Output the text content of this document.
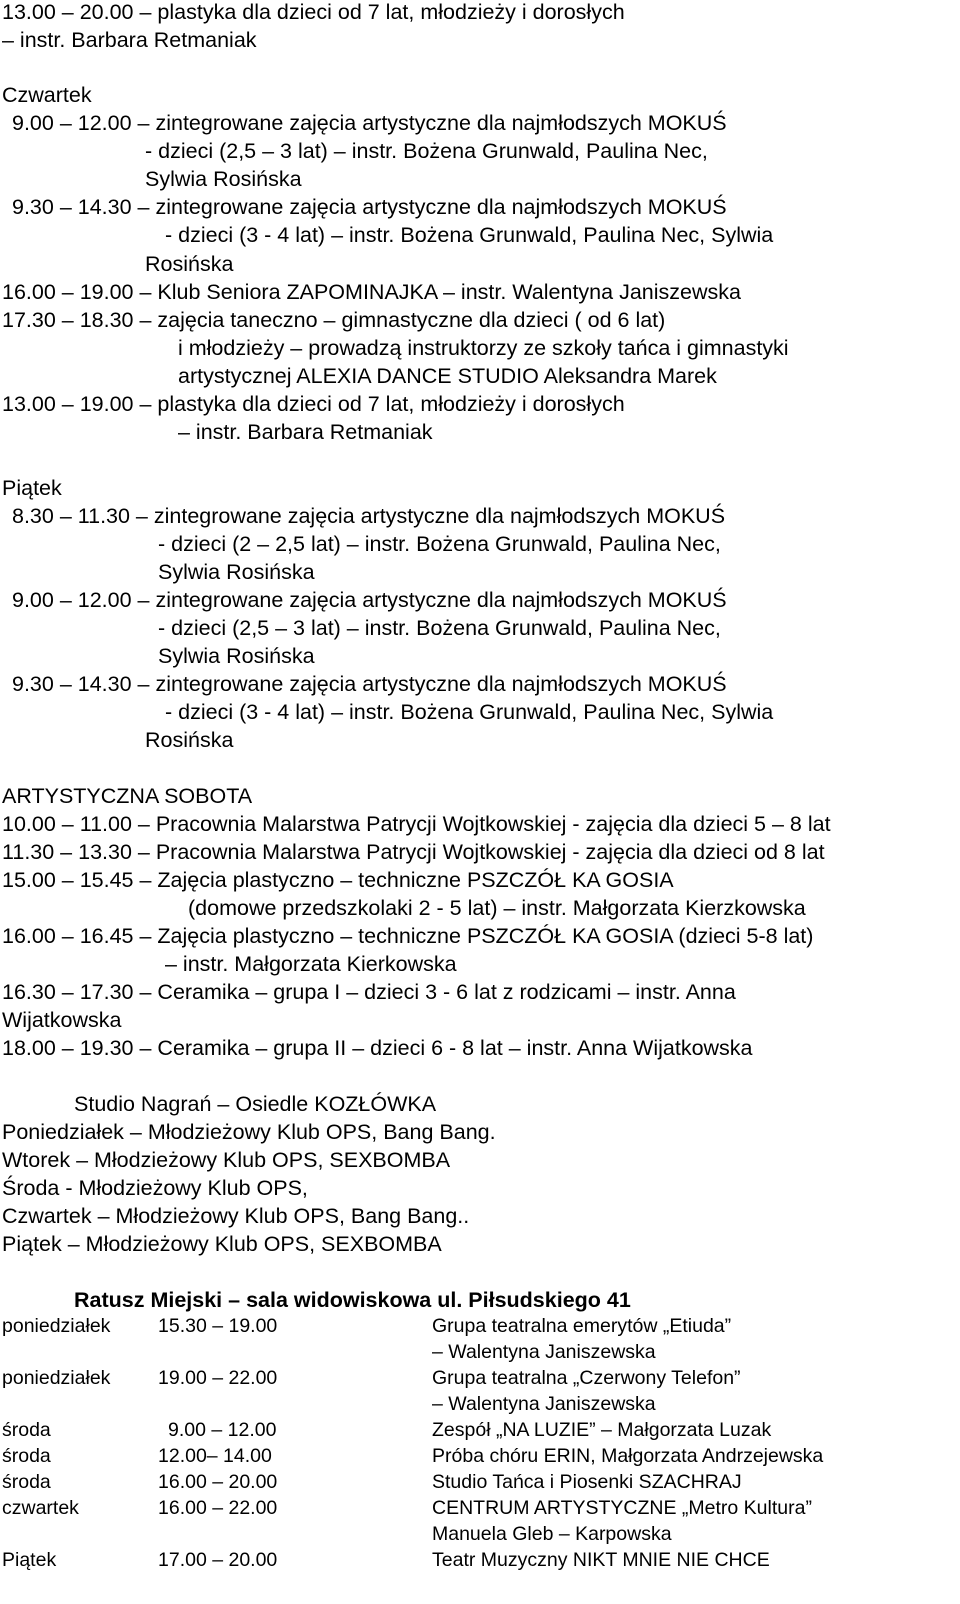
13.00 – 20.00 – plastyka dla dzieci od 7 lat, młodzieży i dorosłych
– instr. Barbara Retmaniak
Czwartek
9.00 – 12.00 – zintegrowane zajęcia artystyczne dla najmłodszych MOKUŚ
- dzieci (2,5 – 3 lat) – instr. Bożena Grunwald, Paulina Nec,
Sylwia Rosińska
9.30 – 14.30 – zintegrowane zajęcia artystyczne dla najmłodszych MOKUŚ
- dzieci (3 - 4 lat) – instr. Bożena Grunwald, Paulina Nec, Sylwia
Rosińska
16.00 – 19.00 – Klub Seniora ZAPOMINAJKA – instr. Walentyna Janiszewska
17.30 – 18.30 – zajęcia taneczno – gimnastyczne dla dzieci ( od 6 lat)
i młodzieży – prowadzą instruktorzy ze szkoły tańca i gimnastyki
artystycznej ALEXIA DANCE STUDIO Aleksandra Marek
13.00 – 19.00 – plastyka dla dzieci od 7 lat, młodzieży i dorosłych
– instr. Barbara Retmaniak
Piątek
8.30 – 11.30 – zintegrowane zajęcia artystyczne dla najmłodszych MOKUŚ
- dzieci (2 – 2,5 lat) – instr. Bożena Grunwald, Paulina Nec,
Sylwia Rosińska
9.00 – 12.00 – zintegrowane zajęcia artystyczne dla najmłodszych MOKUŚ
- dzieci (2,5 – 3 lat) – instr. Bożena Grunwald, Paulina Nec,
Sylwia Rosińska
9.30 – 14.30 – zintegrowane zajęcia artystyczne dla najmłodszych MOKUŚ
- dzieci (3 - 4 lat) – instr. Bożena Grunwald, Paulina Nec, Sylwia
Rosińska
ARTYSTYCZNA SOBOTA
10.00 – 11.00 – Pracownia Malarstwa Patrycji Wojtkowskiej - zajęcia dla dzieci 5 – 8 lat
11.30 – 13.30 – Pracownia Malarstwa Patrycji Wojtkowskiej - zajęcia dla dzieci od 8 lat
15.00 – 15.45 – Zajęcia plastyczno – techniczne PSZCZÓŁ KA GOSIA
(domowe przedszkolaki 2 - 5 lat) – instr. Małgorzata Kierzkowska
16.00 – 16.45 – Zajęcia plastyczno – techniczne PSZCZÓŁ KA GOSIA (dzieci 5-8 lat)
– instr. Małgorzata Kierkowska
16.30 – 17.30 – Ceramika – grupa I – dzieci 3 - 6 lat z rodzicami – instr. Anna
Wijatkowska
18.00 – 19.30 – Ceramika – grupa II – dzieci 6 - 8 lat – instr. Anna Wijatkowska
Studio Nagrań – Osiedle KOZŁÓWKA
Poniedziałek – Młodzieżowy Klub OPS, Bang Bang.
Wtorek – Młodzieżowy Klub OPS, SEXBOMBA
Środa - Młodzieżowy Klub OPS,
Czwartek – Młodzieżowy Klub OPS, Bang Bang..
Piątek – Młodzieżowy Klub OPS, SEXBOMBA
Ratusz Miejski – sala widowiskowa ul. Piłsudskiego 41
poniedziałek 15.30 – 19.00	Grupa teatralna emerytów „Etiuda”
– Walentyna Janiszewska
poniedziałek 19.00 – 22.00	Grupa teatralna „Czerwony Telefon”
– Walentyna Janiszewska
środa	9.00 – 12.00	Zespół „NA LUZIE” – Małgorzata Luzak
środa	12.00– 14.00	Próba chóru ERIN, Małgorzata Andrzejewska
środa	16.00 – 20.00	Studio Tańca i Piosenki SZACHRAJ
czwartek	16.00 – 22.00	CENTRUM ARTYSTYCZNE „Metro Kultura”
Manuela Gleb – Karpowska
Piątek	17.00 – 20.00	Teatr Muzyczny NIKT MNIE NIE CHCE
